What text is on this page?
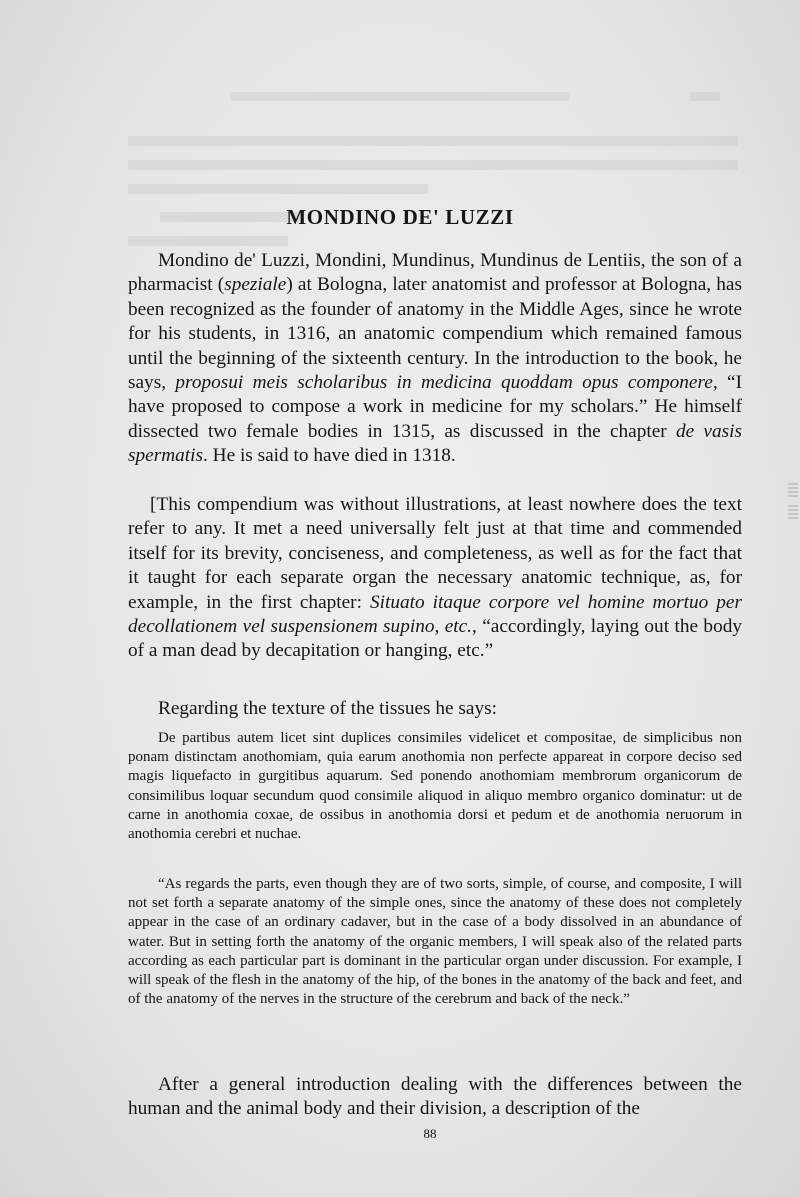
MONDINO DE' LUZZI

Mondino de' Luzzi, Mondini, Mundinus, Mundinus de Lentiis, the son of a pharmacist (speziale) at Bologna, later anatomist and professor at Bologna, has been recognized as the founder of anatomy in the Middle Ages, since he wrote for his students, in 1316, an anatomic compendium which remained famous until the beginning of the sixteenth century. In the introduction to the book, he says, proposui meis scholaribus in medicina quoddam opus componere, “I have proposed to compose a work in medicine for my scholars.” He himself dissected two female bodies in 1315, as discussed in the chapter de vasis spermatis. He is said to have died in 1318.

[This compendium was without illustrations, at least nowhere does the text refer to any. It met a need universally felt just at that time and commended itself for its brevity, conciseness, and completeness, as well as for the fact that it taught for each separate organ the necessary anatomic technique, as, for example, in the first chapter: Situato itaque corpore vel homine mortuo per decollationem vel suspensionem supino, etc., “accordingly, laying out the body of a man dead by decapitation or hanging, etc.”

Regarding the texture of the tissues he says:

De partibus autem licet sint duplices consimiles videlicet et compositae, de simplicibus non ponam distinctam anothomiam, quia earum anothomia non perfecte appareat in corpore deciso sed magis liquefacto in gurgitibus aquarum. Sed ponendo anothomiam membrorum organicorum de consimilibus loquar secundum quod consimile aliquod in aliquo membro organico dominatur: ut de carne in anothomia coxae, de ossibus in anothomia dorsi et pedum et de anothomia neruorum in anothomia cerebri et nuchae.

“As regards the parts, even though they are of two sorts, simple, of course, and composite, I will not set forth a separate anatomy of the simple ones, since the anatomy of these does not completely appear in the case of an ordinary cadaver, but in the case of a body dissolved in an abundance of water. But in setting forth the anatomy of the organic members, I will speak also of the related parts according as each particular part is dominant in the particular organ under discussion. For example, I will speak of the flesh in the anatomy of the hip, of the bones in the anatomy of the back and feet, and of the anatomy of the nerves in the structure of the cerebrum and back of the neck.”

After a general introduction dealing with the differences between the human and the animal body and their division, a description of the

88
